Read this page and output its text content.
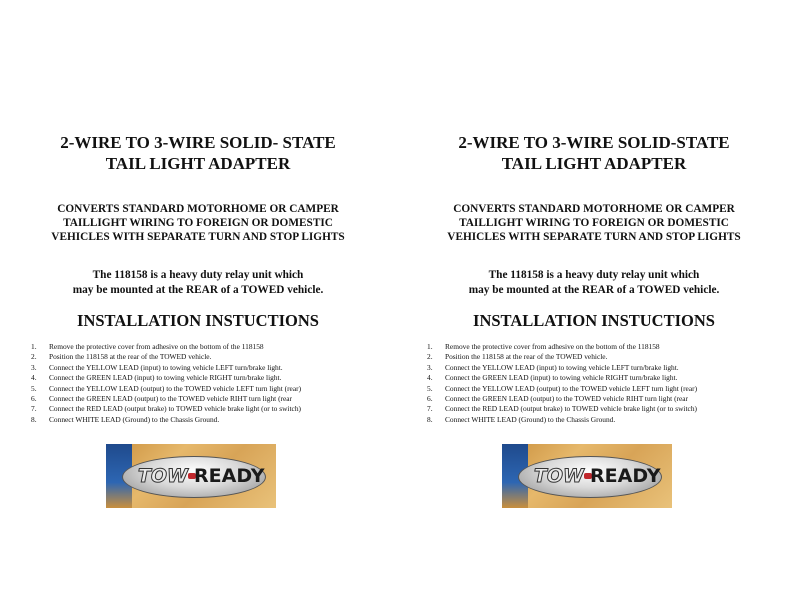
2-WIRE TO 3-WIRE SOLID- STATE
TAIL LIGHT ADAPTER

CONVERTS STANDARD MOTORHOME OR CAMPER
TAILLIGHT WIRING TO FOREIGN OR DOMESTIC
VEHICLES WITH SEPARATE TURN AND STOP LIGHTS

The 118158 is a heavy duty relay unit which
may be mounted at the REAR of a TOWED vehicle.

INSTALLATION INSTUCTIONS
1.	Remove the protective cover from adhesive on the bottom of the 118158
2.	Position the 118158 at the rear of the TOWED vehicle.
3.	Connect the YELLOW LEAD (input) to towing vehicle LEFT turn/brake light.
4.	Connect the GREEN LEAD (input) to towing vehicle RIGHT turn/brake light.
5.	Connect the YELLOW LEAD (output) to the TOWED vehicle LEFT turn light (rear)
6.	Connect the GREEN LEAD (output) to the TOWED vehicle RIHT turn light (rear
7.	Connect the RED LEAD (output brake) to TOWED vehicle brake light (or to switch)
8.	Connect WHITE LEAD (Ground) to the Chassis Ground.
TOW READY
2-WIRE TO 3-WIRE SOLID-STATE
TAIL LIGHT ADAPTER

CONVERTS STANDARD MOTORHOME OR CAMPER
TAILLIGHT WIRING TO FOREIGN OR DOMESTIC
VEHICLES WITH SEPARATE TURN AND STOP LIGHTS

The 118158 is a heavy duty relay unit which
may be mounted at the REAR of a TOWED vehicle.

INSTALLATION INSTUCTIONS
1.	Remove the protective cover from adhesive on the bottom of the 118158
2.	Position the 118158 at the rear of the TOWED vehicle.
3.	Connect the YELLOW LEAD (input) to towing vehicle LEFT turn/brake light.
4.	Connect the GREEN LEAD (input) to towing vehicle RIGHT turn/brake light.
5.	Connect the YELLOW LEAD (output) to the TOWED vehicle LEFT turn light (rear)
6.	Connect the GREEN LEAD (output) to the TOWED vehicle RIHT turn light (rear
7.	Connect the RED LEAD (output brake) to TOWED vehicle brake light (or to switch)
8.	Connect WHITE LEAD (Ground) to the Chassis Ground.
TOW READY
